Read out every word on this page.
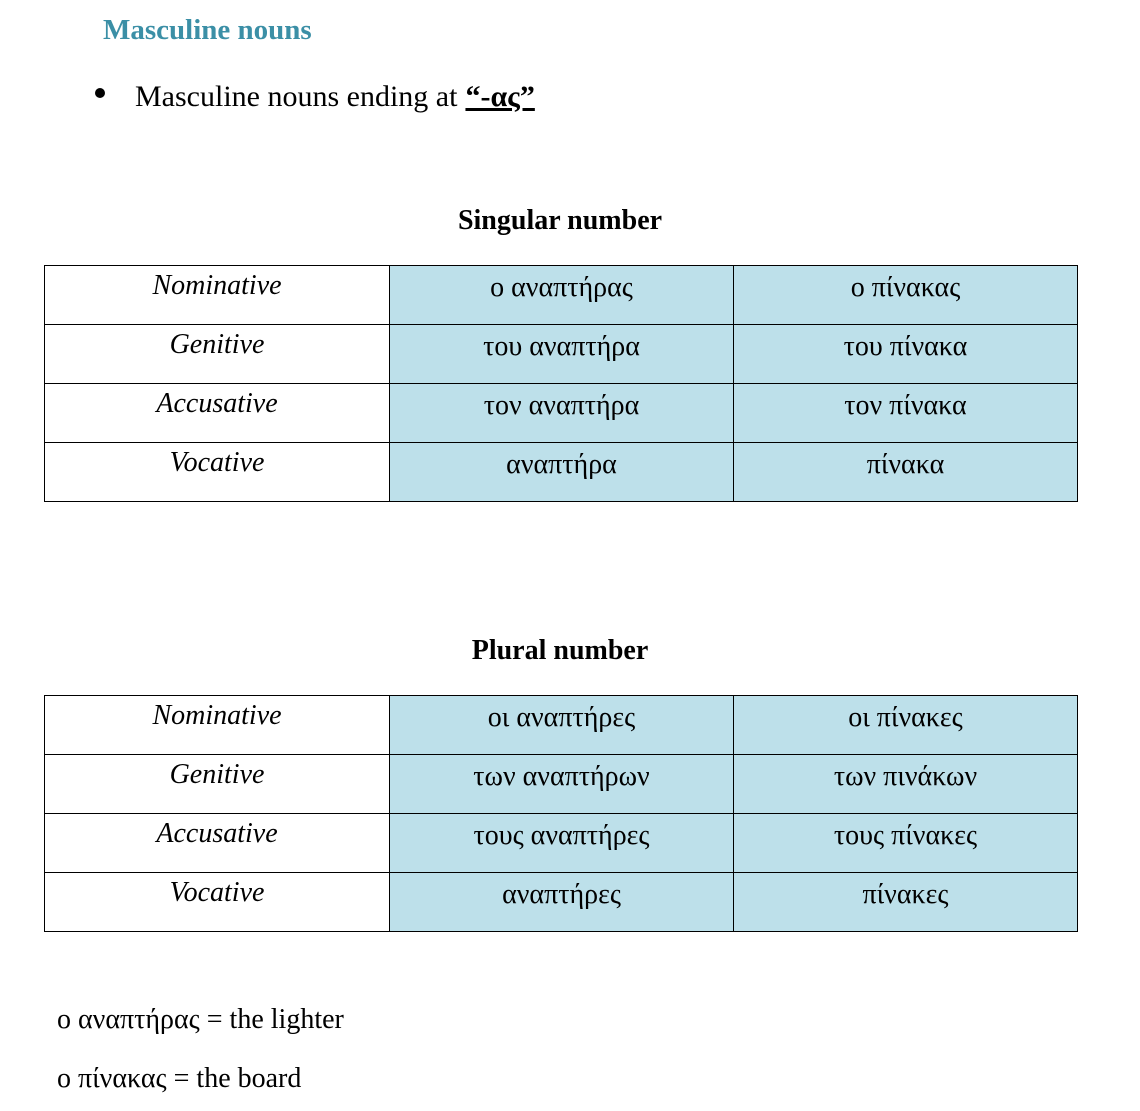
Masculine nouns
Masculine nouns ending at “-ας”
Singular number
Nominative	ο αναπτήρας	ο πίνακας
Genitive	του αναπτήρα	του πίνακα
Accusative	τον αναπτήρα	τον πίνακα
Vocative	αναπτήρα	πίνακα
Plural number
Nominative	οι αναπτήρες	οι πίνακες
Genitive	των αναπτήρων	των πινάκων
Accusative	τους αναπτήρες	τους πίνακες
Vocative	αναπτήρες	πίνακες
ο αναπτήρας = the lighter
ο πίνακας = the board
